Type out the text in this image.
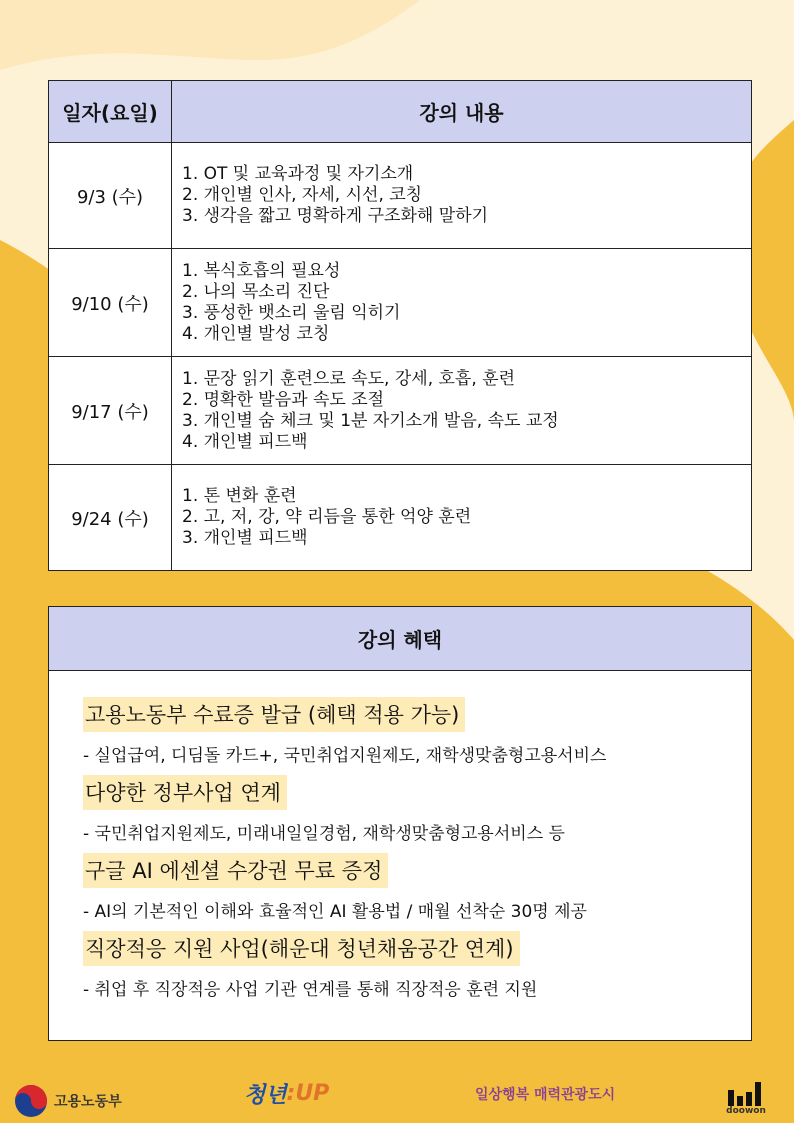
일자(요일)	강의 내용
9/3 (수)	1. OT 및 교육과정 및 자기소개
2. 개인별 인사, 자세, 시선, 코칭
3. 생각을 짧고 명확하게 구조화해 말하기

9/10 (수)	1. 복식호흡의 필요성
2. 나의 목소리 진단
3. 풍성한 뱃소리 울림 익히기
4. 개인별 발성 코칭

9/17 (수)	1. 문장 읽기 훈련으로 속도, 강세, 호흡, 훈련
2. 명확한 발음과 속도 조절
3. 개인별 숨 체크 및 1분 자기소개 발음, 속도 교정
4. 개인별 피드백

9/24 (수)	1. 톤 변화 훈련
2. 고, 저, 강, 약 리듬을 통한 억양 훈련
3. 개인별 피드백
강의 혜택
고용노동부 수료증 발급 (혜택 적용 가능)
- 실업급여, 디딤돌 카드+, 국민취업지원제도, 재학생맞춤형고용서비스
다양한 정부사업 연계
- 국민취업지원제도, 미래내일일경험, 재학생맞춤형고용서비스 등
구글 AI 에센셜 수강권 무료 증정
- AI의 기본적인 이해와 효율적인 AI 활용법 / 매월 선착순 30명 제공
직장적응 지원 사업(해운대 청년채움공간 연계)
- 취업 후 직장적응 사업 기관 연계를 통해 직장적응 훈련 지원
고용노동부	청년 :UP	일상행복 매력관광도시
doowon
